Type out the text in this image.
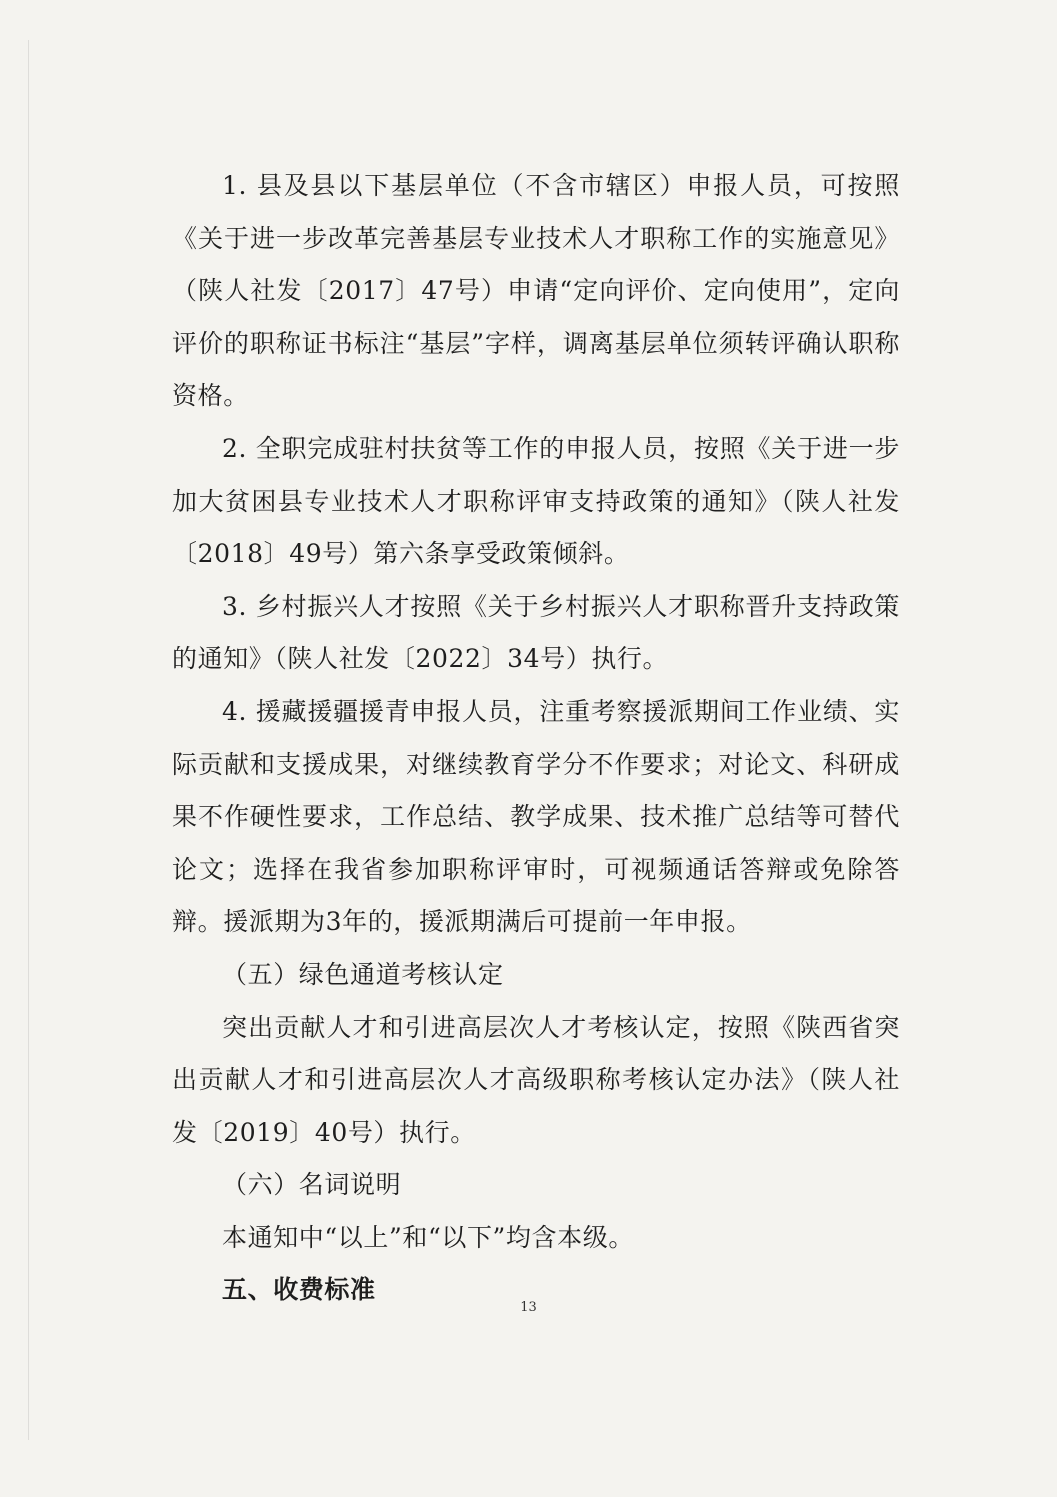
1. 县及县以下基层单位（不含市辖区）申报人员，可按照《关于进一步改革完善基层专业技术人才职称工作的实施意见》（陕人社发〔2017〕47号）申请“定向评价、定向使用”，定向评价的职称证书标注“基层”字样，调离基层单位须转评确认职称资格。

2. 全职完成驻村扶贫等工作的申报人员，按照《关于进一步加大贫困县专业技术人才职称评审支持政策的通知》（陕人社发〔2018〕49号）第六条享受政策倾斜。

3. 乡村振兴人才按照《关于乡村振兴人才职称晋升支持政策的通知》（陕人社发〔2022〕34号）执行。

4. 援藏援疆援青申报人员，注重考察援派期间工作业绩、实际贡献和支援成果，对继续教育学分不作要求；对论文、科研成果不作硬性要求，工作总结、教学成果、技术推广总结等可替代论文；选择在我省参加职称评审时，可视频通话答辩或免除答辩。援派期为3年的，援派期满后可提前一年申报。

（五）绿色通道考核认定

突出贡献人才和引进高层次人才考核认定，按照《陕西省突出贡献人才和引进高层次人才高级职称考核认定办法》（陕人社发〔2019〕40号）执行。

（六）名词说明

本通知中“以上”和“以下”均含本级。

五、收费标准

13
